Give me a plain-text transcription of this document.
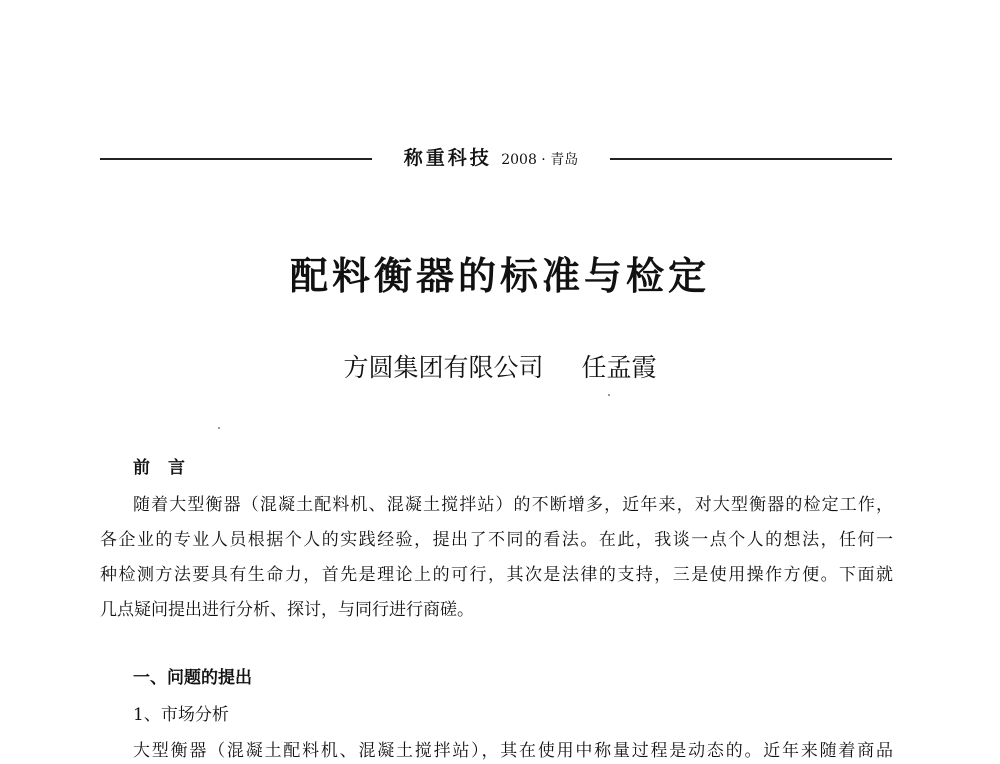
称重科技 2008 · 青岛
配料衡器的标准与检定
方圆集团有限公司 任孟霞
前言
随着大型衡器（混凝土配料机、混凝土搅拌站）的不断增多，近年来，对大型衡器的检定工作，
各企业的专业人员根据个人的实践经验，提出了不同的看法。在此，我谈一点个人的想法，任何一
种检测方法要具有生命力，首先是理论上的可行，其次是法律的支持，三是使用操作方便。下面就
几点疑问提出进行分析、探讨，与同行进行商磋。
一、问题的提出
1、市场分析
大型衡器（混凝土配料机、混凝土搅拌站），其在使用中称量过程是动态的。近年来随着商品
